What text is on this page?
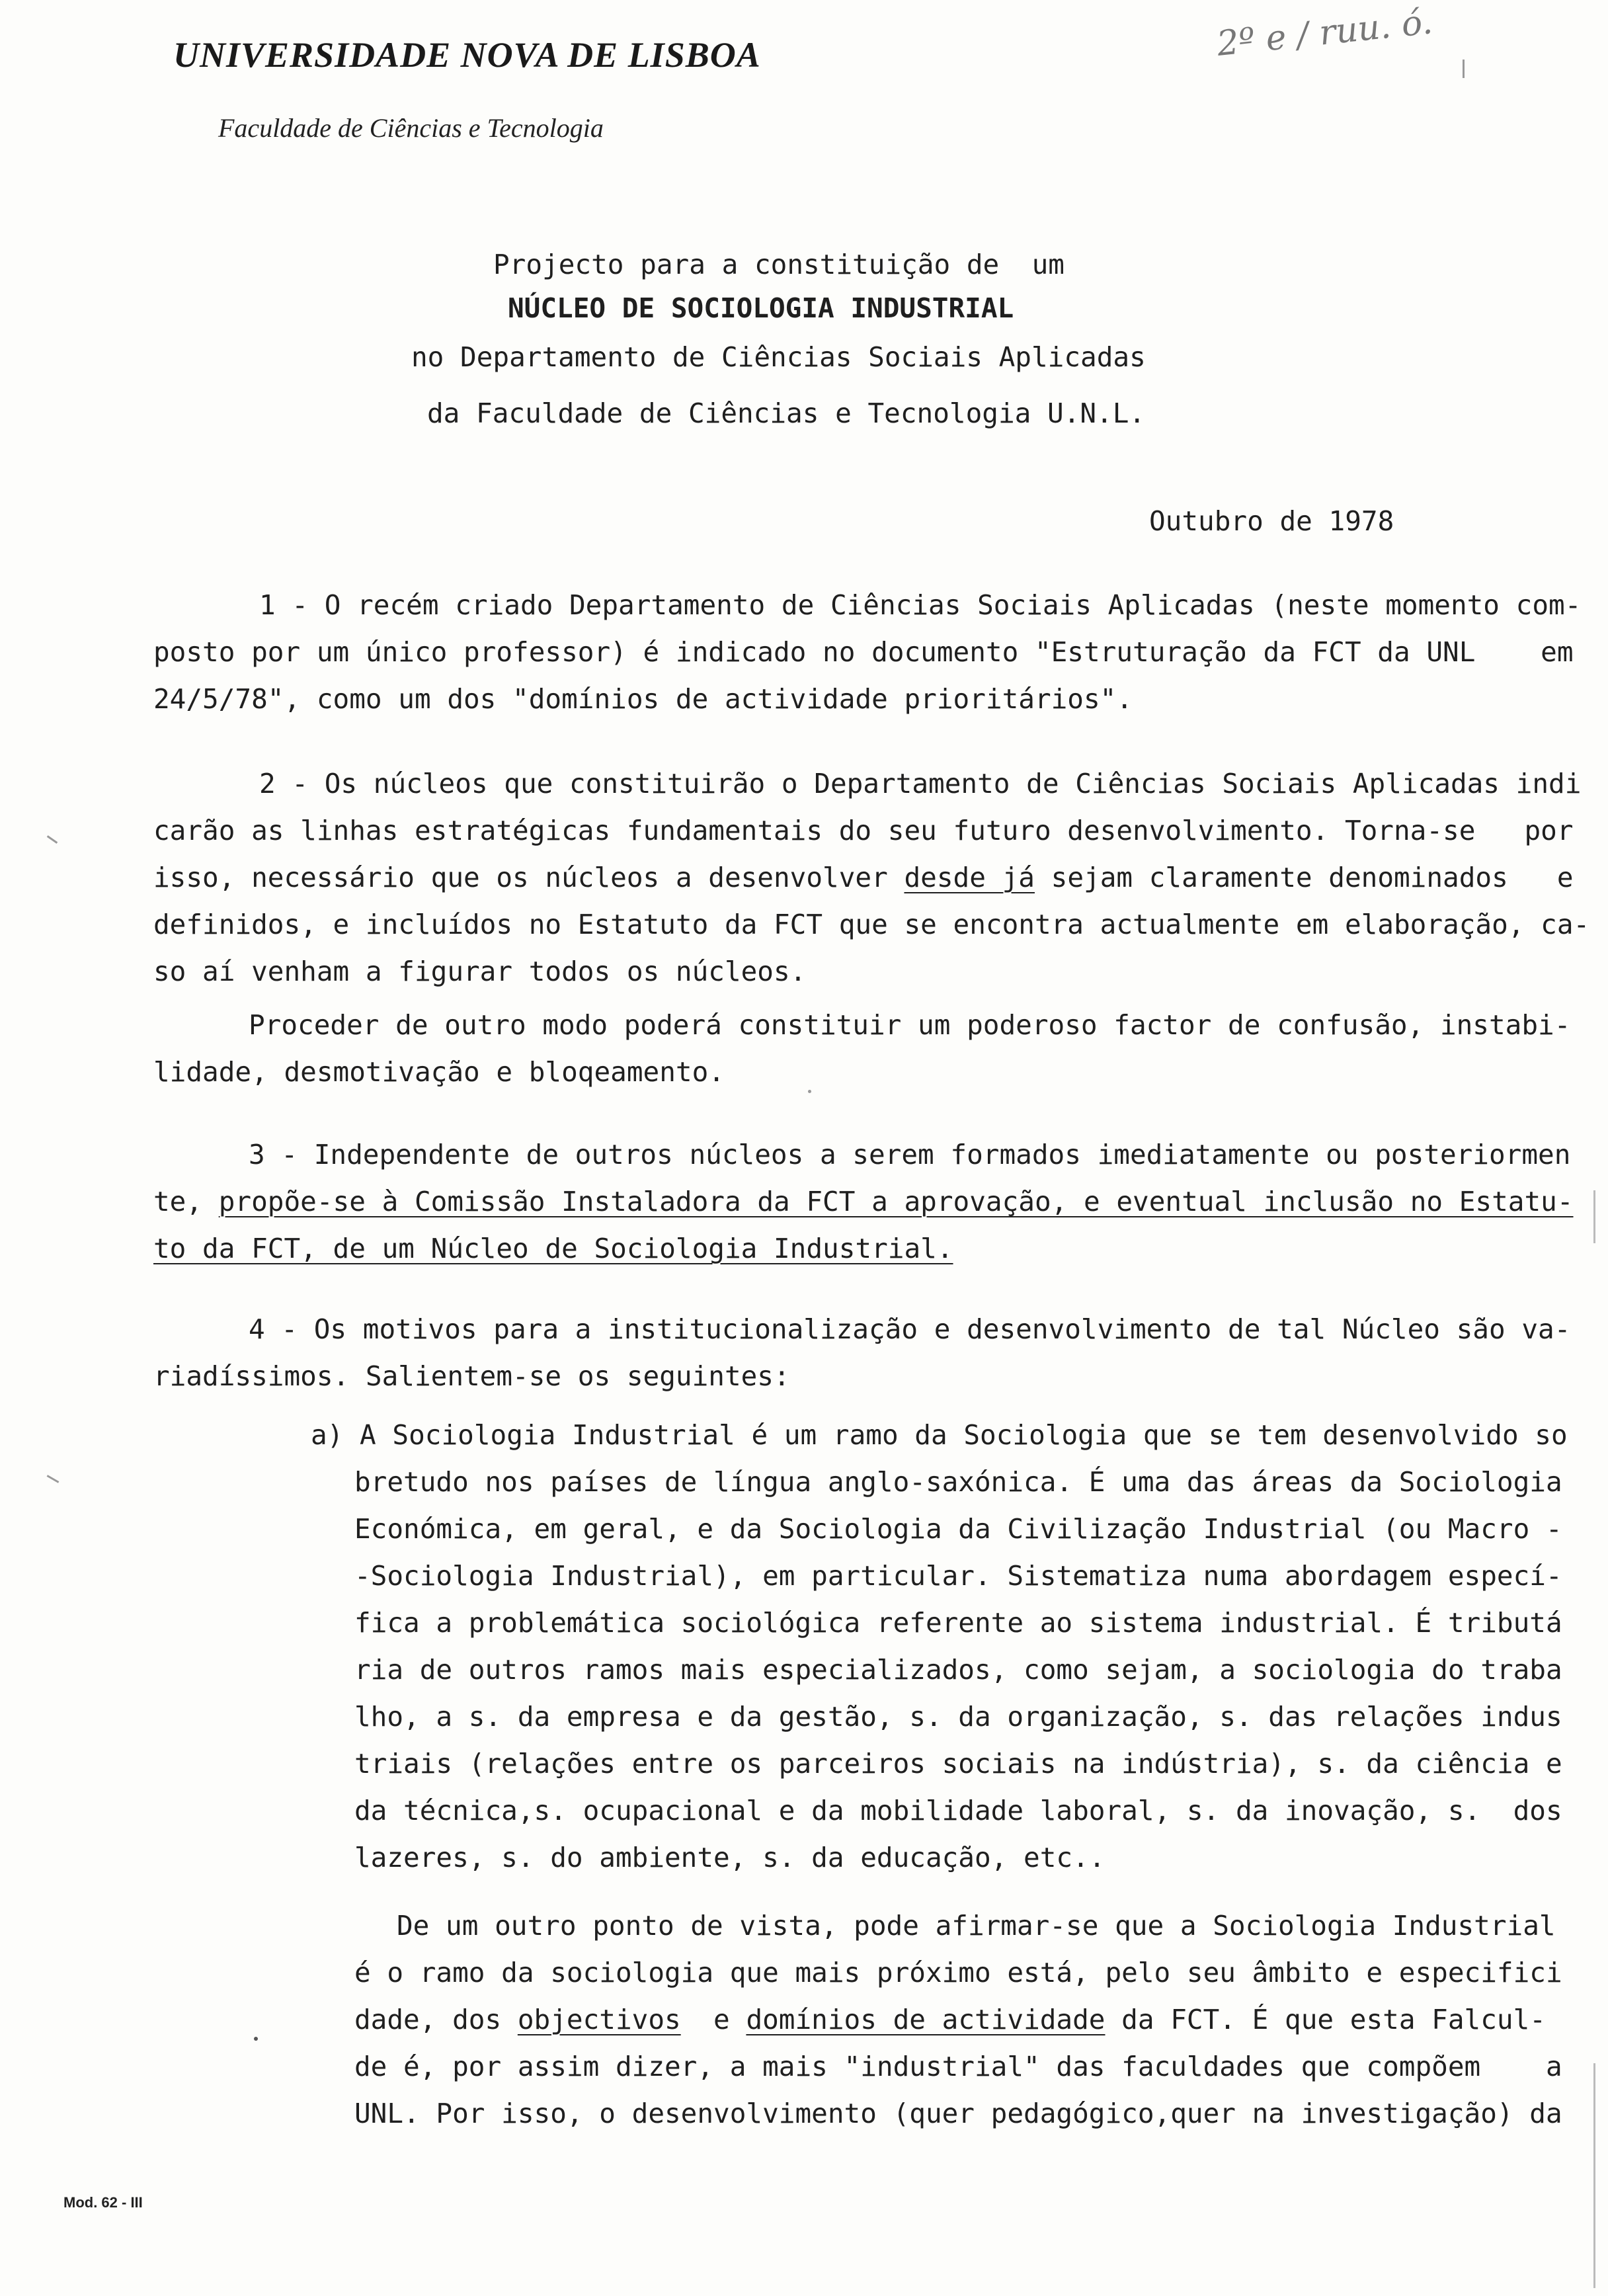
UNIVERSIDADE NOVA DE LISBOA
Faculdade de Ciências e Tecnologia
2º e / ruu. ó.
Projecto para a constituição de  um
NÚCLEO DE SOCIOLOGIA INDUSTRIAL
no Departamento de Ciências Sociais Aplicadas
da Faculdade de Ciências e Tecnologia U.N.L.
Outubro de 1978
1 - O recém criado Departamento de Ciências Sociais Aplicadas (neste momento com-
posto por um único professor) é indicado no documento "Estruturação da FCT da UNL    em
24/5/78", como um dos "domínios de actividade prioritários".
2 - Os núcleos que constituirão o Departamento de Ciências Sociais Aplicadas indi
carão as linhas estratégicas fundamentais do seu futuro desenvolvimento. Torna-se   por
isso, necessário que os núcleos a desenvolver desde já sejam claramente denominados   e
definidos, e incluídos no Estatuto da FCT que se encontra actualmente em elaboração, ca-
so aí venham a figurar todos os núcleos.
Proceder de outro modo poderá constituir um poderoso factor de confusão, instabi-
lidade, desmotivação e bloqeamento.
3 - Independente de outros núcleos a serem formados imediatamente ou posteriormen
te, propõe-se à Comissão Instaladora da FCT a aprovação, e eventual inclusão no Estatu-
to da FCT, de um Núcleo de Sociologia Industrial.
4 - Os motivos para a institucionalização e desenvolvimento de tal Núcleo são va-
riadíssimos. Salientem-se os seguintes:
a) A Sociologia Industrial é um ramo da Sociologia que se tem desenvolvido so
bretudo nos países de língua anglo-saxónica. É uma das áreas da Sociologia
Económica, em geral, e da Sociologia da Civilização Industrial (ou Macro -
-Sociologia Industrial), em particular. Sistematiza numa abordagem especí-
fica a problemática sociológica referente ao sistema industrial. É tributá
ria de outros ramos mais especializados, como sejam, a sociologia do traba
lho, a s. da empresa e da gestão, s. da organização, s. das relações indus
triais (relações entre os parceiros sociais na indústria), s. da ciência e
da técnica,s. ocupacional e da mobilidade laboral, s. da inovação, s.  dos
lazeres, s. do ambiente, s. da educação, etc..
De um outro ponto de vista, pode afirmar-se que a Sociologia Industrial
é o ramo da sociologia que mais próximo está, pelo seu âmbito e especifici
dade, dos objectivos  e domínios de actividade da FCT. É que esta Falcul-
de é, por assim dizer, a mais "industrial" das faculdades que compõem    a
UNL. Por isso, o desenvolvimento (quer pedagógico,quer na investigação) da
Mod. 62 - III
